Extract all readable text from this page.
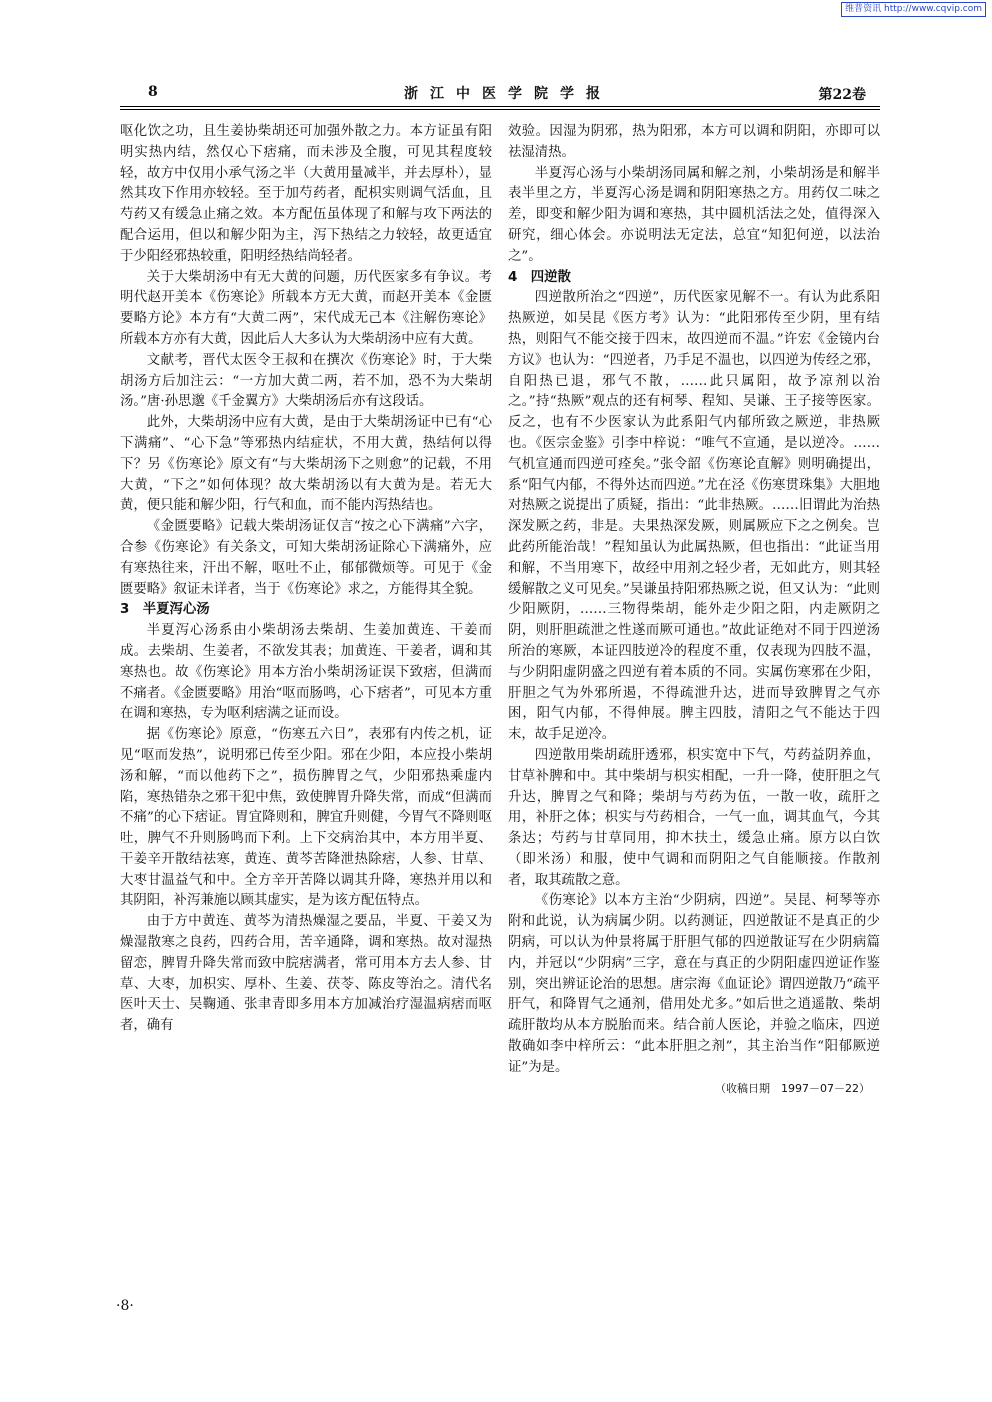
维普资讯 http://www.cqvip.com
8	浙江中医学院学报	第22卷

呕化饮之功，且生姜协柴胡还可加强外散之力。本方证虽有阳明实热内结，然仅心下痞痛，而未涉及全腹，可见其程度较轻，故方中仅用小承气汤之半（大黄用量减半，并去厚朴），显然其攻下作用亦较轻。至于加芍药者，配枳实则调气活血，且芍药又有缓急止痛之效。本方配伍虽体现了和解与攻下两法的配合运用，但以和解少阳为主，泻下热结之力较轻，故更适宜于少阳经邪热较重，阳明经热结尚轻者。

关于大柴胡汤中有无大黄的问题，历代医家多有争议。考明代赵开美本《伤寒论》所载本方无大黄，而赵开美本《金匮要略方论》本方有“大黄二两”，宋代成无己本《注解伤寒论》所载本方亦有大黄，因此后人大多认为大柴胡汤中应有大黄。

文献考，晋代太医令王叔和在撰次《伤寒论》时，于大柴胡汤方后加注云：“一方加大黄二两，若不加，恐不为大柴胡汤。”唐·孙思邈《千金翼方》大柴胡汤后亦有这段话。

此外，大柴胡汤中应有大黄，是由于大柴胡汤证中已有“心下满痛”、“心下急”等邪热内结症状，不用大黄，热结何以得下？另《伤寒论》原文有“与大柴胡汤下之则愈”的记载，不用大黄，“下之”如何体现？故大柴胡汤以有大黄为是。若无大黄，便只能和解少阳，行气和血，而不能内泻热结也。

《金匮要略》记载大柴胡汤证仅言“按之心下满痛”六字，合参《伤寒论》有关条文，可知大柴胡汤证除心下满痛外，应有寒热往来，汗出不解，呕吐不止，郁郁微烦等。可见于《金匮要略》叙证未详者，当于《伤寒论》求之，方能得其全貌。

3　半夏泻心汤

半夏泻心汤系由小柴胡汤去柴胡、生姜加黄连、干姜而成。去柴胡、生姜者，不欲发其表；加黄连、干姜者，调和其寒热也。故《伤寒论》用本方治小柴胡汤证误下致痞，但满而不痛者。《金匮要略》用治“呕而肠鸣，心下痞者”，可见本方重在调和寒热，专为呕利痞满之证而设。

据《伤寒论》原意，“伤寒五六日”，表邪有内传之机，证见“呕而发热”，说明邪已传至少阳。邪在少阳，本应投小柴胡汤和解，“而以他药下之”，损伤脾胃之气，少阳邪热乘虚内陷，寒热错杂之邪干犯中焦，致使脾胃升降失常，而成“但满而不痛”的心下痞证。胃宜降则和，脾宜升则健，今胃气不降则呕吐，脾气不升则肠鸣而下利。上下交病治其中，本方用半夏、干姜辛开散结祛寒，黄连、黄芩苦降泄热除痞，人参、甘草、大枣甘温益气和中。全方辛开苦降以调其升降，寒热并用以和其阴阳，补泻兼施以顾其虚实，是为该方配伍特点。

由于方中黄连、黄芩为清热燥湿之要品，半夏、干姜又为燥湿散寒之良药，四药合用，苦辛通降，调和寒热。故对湿热留恋，脾胃升降失常而致中脘痞满者，常可用本方去人参、甘草、大枣，加枳实、厚朴、生姜、茯苓、陈皮等治之。清代名医叶天士、吴鞠通、张聿青即多用本方加减治疗湿温病痞而呕者，确有

效验。因湿为阴邪，热为阳邪，本方可以调和阴阳，亦即可以祛湿清热。

半夏泻心汤与小柴胡汤同属和解之剂，小柴胡汤是和解半表半里之方，半夏泻心汤是调和阴阳寒热之方。用药仅二味之差，即变和解少阳为调和寒热，其中圆机活法之处，值得深入研究，细心体会。亦说明法无定法，总宜“知犯何逆，以法治之”。

4　四逆散

四逆散所治之“四逆”，历代医家见解不一。有认为此系阳热厥逆，如吴昆《医方考》认为：“此阳邪传至少阴，里有结热，则阳气不能交接于四末，故四逆而不温。”许宏《金镜内台方议》也认为：“四逆者，乃手足不温也，以四逆为传经之邪，自阳热已退，邪气不散，……此只属阳，故予凉剂以治之。”持“热厥”观点的还有柯琴、程知、吴谦、王子接等医家。反之，也有不少医家认为此系阳气内郁所致之厥逆，非热厥也。《医宗金鉴》引李中梓说：“唯气不宣通，是以逆冷。……气机宣通而四逆可痊矣。”张令韶《伤寒论直解》则明确提出，系“阳气内郁，不得外达而四逆。”尤在泾《伤寒贯珠集》大胆地对热厥之说提出了质疑，指出：“此非热厥。……旧谓此为治热深发厥之药，非是。夫果热深发厥，则属厥应下之之例矣。岂此药所能治哉！”程知虽认为此属热厥，但也指出：“此证当用和解，不当用寒下，故经中用剂之轻少者，无如此方，则其轻缓解散之义可见矣。”吴谦虽持阳邪热厥之说，但又认为：“此则少阳厥阴，……三物得柴胡，能外走少阳之阳，内走厥阴之阴，则肝胆疏泄之性遂而厥可通也。”故此证绝对不同于四逆汤所治的寒厥，本证四肢逆冷的程度不重，仅表现为四肢不温，与少阴阳虚阴盛之四逆有着本质的不同。实属伤寒邪在少阳，肝胆之气为外邪所遏，不得疏泄升达，进而导致脾胃之气亦困，阳气内郁，不得伸展。脾主四肢，清阳之气不能达于四末，故手足逆冷。

四逆散用柴胡疏肝透邪，枳实宽中下气，芍药益阴养血，甘草补脾和中。其中柴胡与枳实相配，一升一降，使肝胆之气升达，脾胃之气和降；柴胡与芍药为伍，一散一收，疏肝之用，补肝之体；枳实与芍药相合，一气一血，调其血气，今其条达；芍药与甘草同用，抑木扶土，缓急止痛。原方以白饮（即米汤）和服，使中气调和而阴阳之气自能顺接。作散剂者，取其疏散之意。

《伤寒论》以本方主治“少阴病，四逆”。吴昆、柯琴等亦附和此说，认为病属少阴。以药测证，四逆散证不是真正的少阴病，可以认为仲景将属于肝胆气郁的四逆散证写在少阴病篇内，并冠以“少阴病”三字，意在与真正的少阴阳虚四逆证作鉴别，突出辨证论治的思想。唐宗海《血证论》谓四逆散乃“疏平肝气，和降胃气之通剂，借用处尤多。”如后世之逍遥散、柴胡疏肝散均从本方脱胎而来。结合前人医论，并验之临床，四逆散确如李中梓所云：“此本肝胆之剂”，其主治当作“阳郁厥逆证”为是。

（收稿日期　1997－07－22）
·8·
